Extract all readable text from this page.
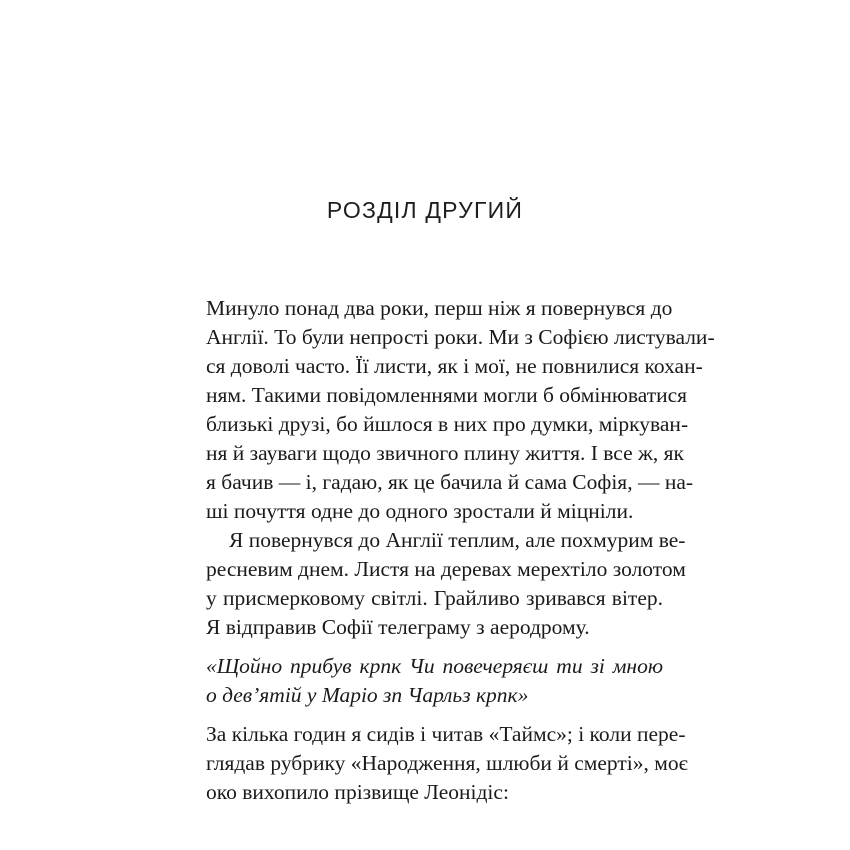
РОЗДІЛ ДРУГИЙ

Минуло понад два роки, перш ніж я повернувся до

Англії. То були непрості роки. Ми з Софією листували-

ся доволі часто. Її листи, як і мої, не повнилися кохан-

ням. Такими повідомленнями могли б обмінюватися

близькі друзі, бо йшлося в них про думки, міркуван-

ня й зауваги щодо звичного плину життя. І все ж, як

я бачив — і, гадаю, як це бачила й сама Софія, — на-

ші почуття одне до одного зростали й міцніли.

Я повернувся до Англії теплим, але похмурим ве-

ресневим днем. Листя на деревах мерехтіло золотом

у присмерковому світлі. Грайливо зривався вітер.

Я відправив Софії телеграму з аеродрому.

«Щойно прибув крпк Чи повечеряєш ти зі мною

о дев’ятій у Маріо зп Чарльз крпк»

За кілька годин я сидів і читав «Таймс»; і коли пере-

глядав рубрику «Народження, шлюби й смерті», моє

око вихопило прізвище Леонідіс:
